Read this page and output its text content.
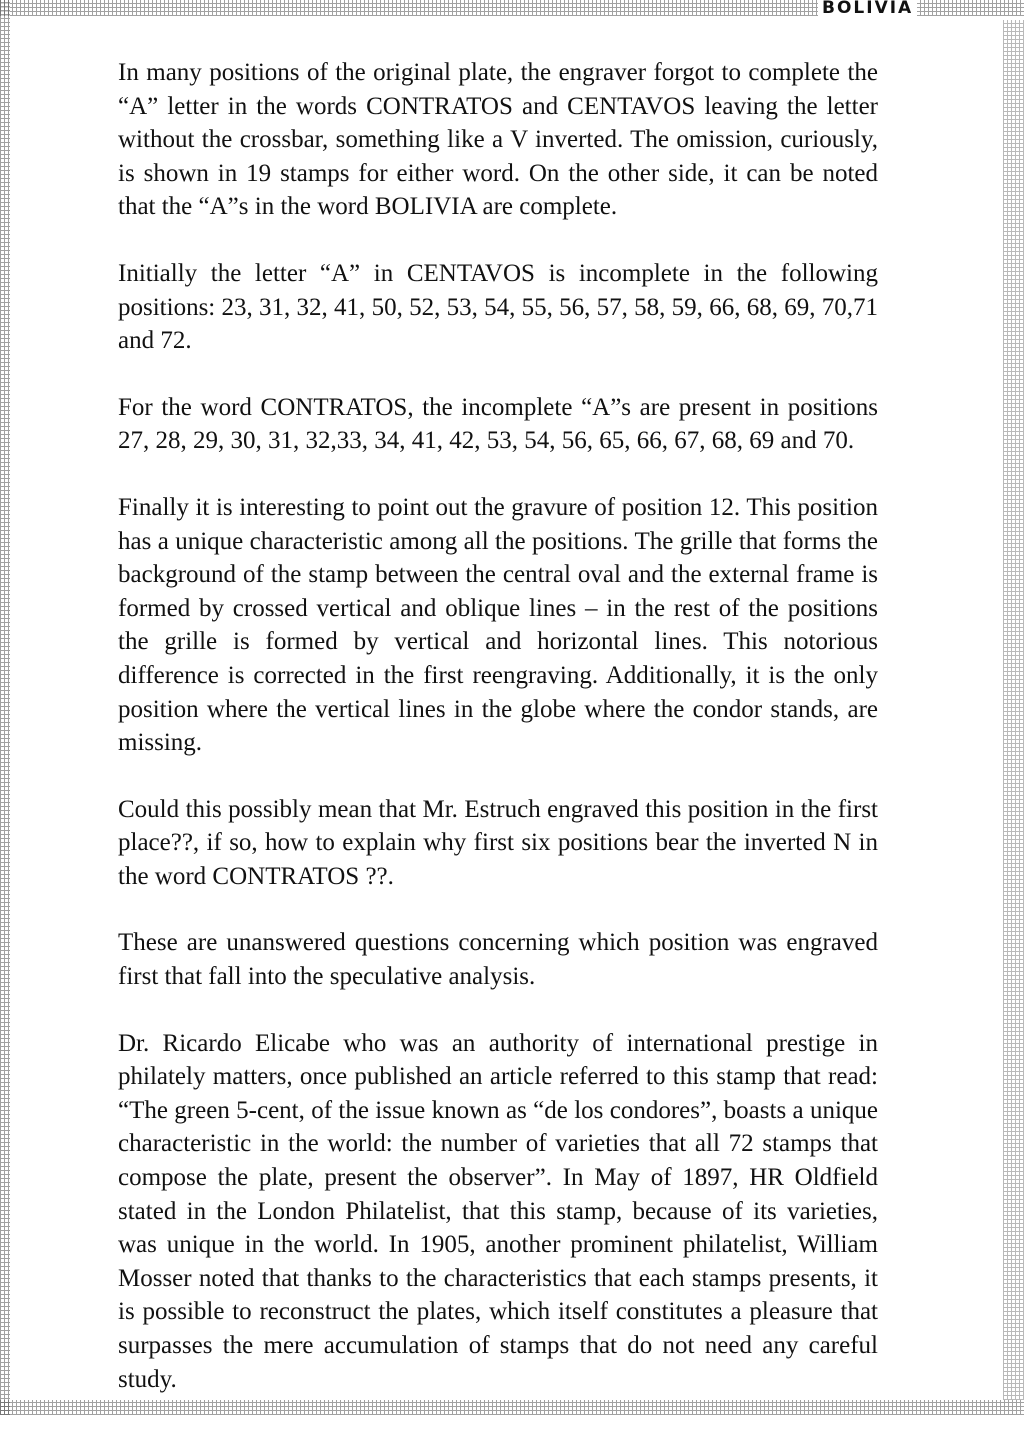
BOLIVIA

In many positions of the original plate, the engraver forgot to complete the “A” letter in the words CONTRATOS and CENTAVOS leaving the letter without the crossbar, something like a V inverted. The omission, curiously, is shown in 19 stamps for either word. On the other side, it can be noted that the “A”s in the word BOLIVIA are complete.

Initially the letter “A” in CENTAVOS is incomplete in the following positions: 23, 31, 32, 41, 50, 52, 53, 54, 55, 56, 57, 58, 59, 66, 68, 69, 70,71 and 72.

For the word CONTRATOS, the incomplete “A”s are present in positions 27, 28, 29, 30, 31, 32,33, 34, 41, 42, 53, 54, 56, 65, 66, 67, 68, 69 and 70.

Finally it is interesting to point out the gravure of position 12. This position has a unique characteristic among all the positions. The grille that forms the background of the stamp between the central oval and the external frame is formed by crossed vertical and oblique lines – in the rest of the positions the grille is formed by vertical and horizontal lines. This notorious difference is corrected in the first reengraving. Additionally, it is the only position where the vertical lines in the globe where the condor stands, are missing.

Could this possibly mean that Mr. Estruch engraved this position in the first place??, if so, how to explain why first six positions bear the inverted N in the word CONTRATOS ??.

These are unanswered questions concerning which position was engraved first that fall into the speculative analysis.

Dr. Ricardo Elicabe who was an authority of international prestige in philately matters, once published an article referred to this stamp that read: “The green 5-cent, of the issue known as “de los condores”, boasts a unique characteristic in the world: the number of varieties that all 72 stamps that compose the plate, present the observer”. In May of 1897, HR Oldfield stated in the London Philatelist, that this stamp, because of its varieties, was unique in the world. In 1905, another prominent philatelist, William Mosser noted that thanks to the characteristics that each stamps presents, it is possible to reconstruct the plates, which itself constitutes a pleasure that surpasses the mere accumulation of stamps that do not need any careful study.
